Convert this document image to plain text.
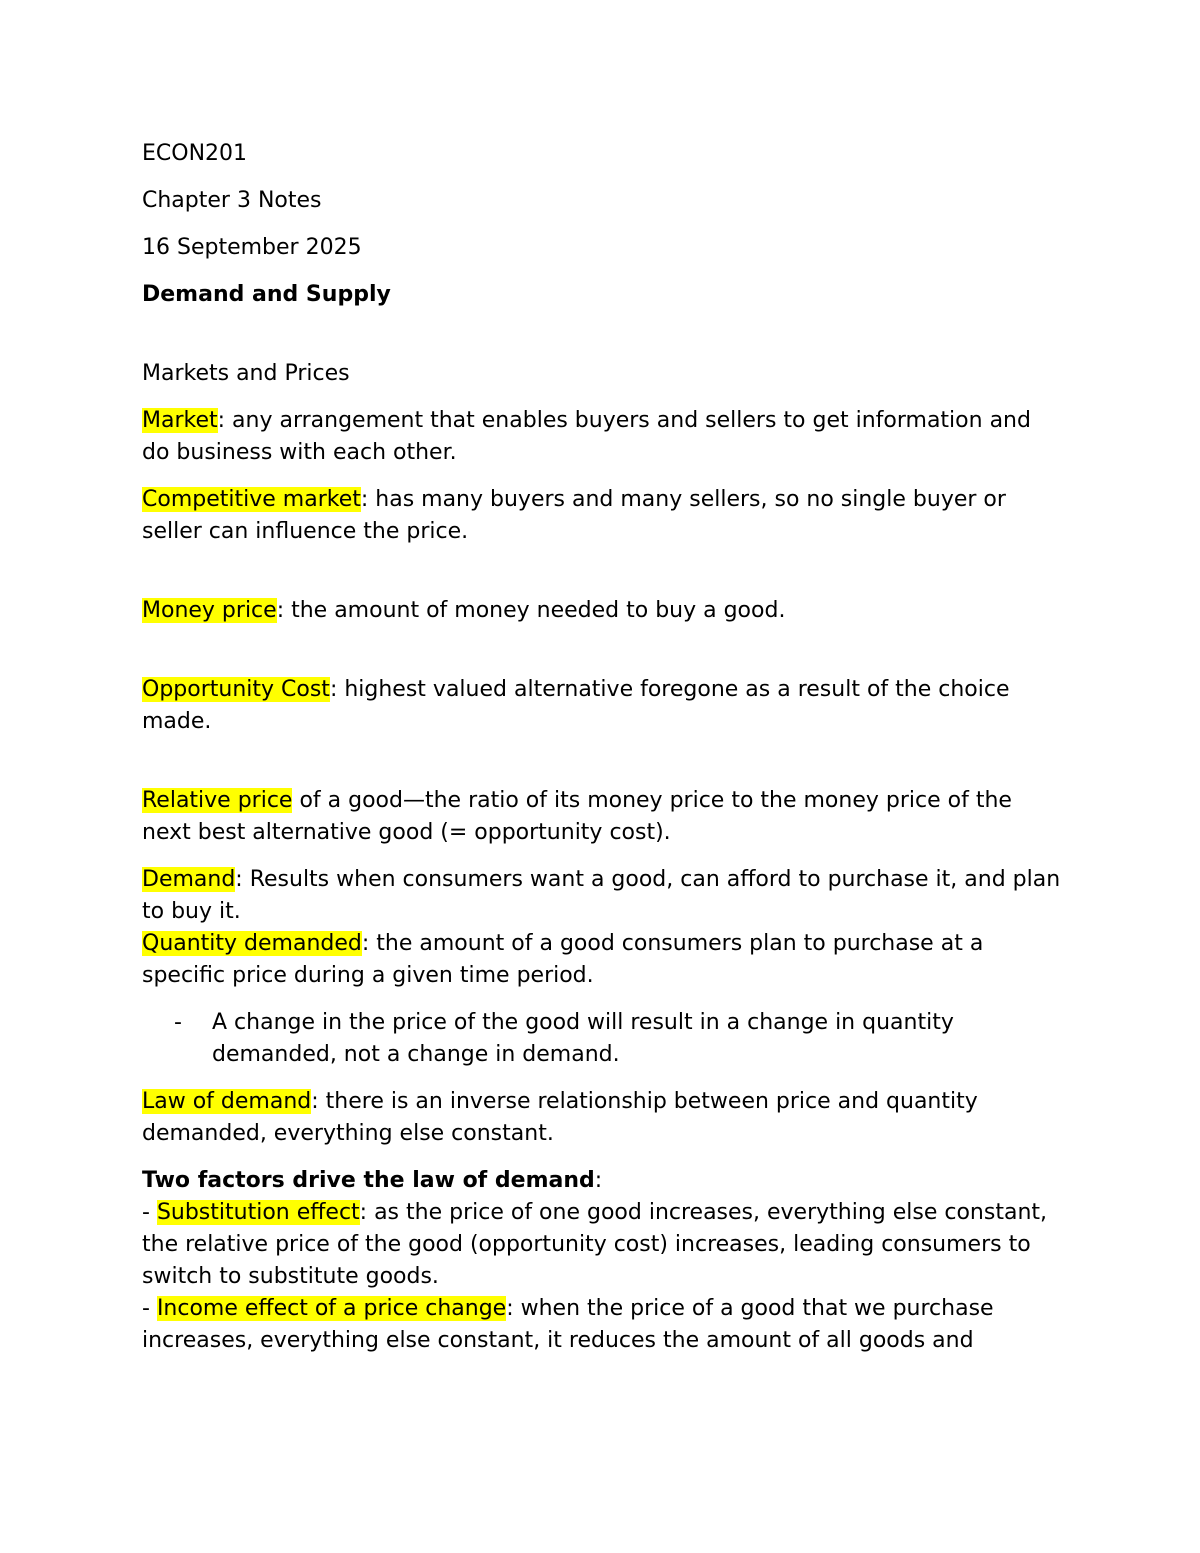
ECON201

Chapter 3 Notes

16 September 2025

Demand and Supply

Markets and Prices

Market: any arrangement that enables buyers and sellers to get information and do business with each other.

Competitive market: has many buyers and many sellers, so no single buyer or seller can influence the price.

Money price: the amount of money needed to buy a good.

Opportunity Cost: highest valued alternative foregone as a result of the choice made.

Relative price of a good—the ratio of its money price to the money price of the next best alternative good (= opportunity cost).

Demand: Results when consumers want a good, can afford to purchase it, and plan to buy it.

Quantity demanded: the amount of a good consumers plan to purchase at a specific price during a given time period.

- A change in the price of the good will result in a change in quantity demanded, not a change in demand.

Law of demand: there is an inverse relationship between price and quantity demanded, everything else constant.

Two factors drive the law of demand:

- Substitution effect: as the price of one good increases, everything else constant, the relative price of the good (opportunity cost) increases, leading consumers to switch to substitute goods.

- Income effect of a price change: when the price of a good that we purchase increases, everything else constant, it reduces the amount of all goods and
